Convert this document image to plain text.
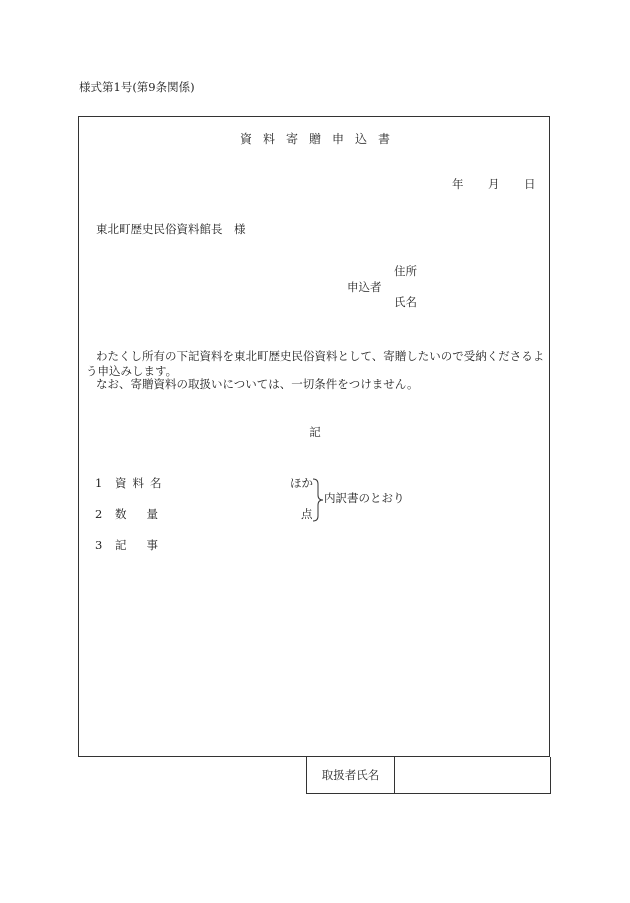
様式第1号(第9条関係)
資料寄贈申込書
年 月 日
東北町歴史民俗資料館長　様
住所
申込者
氏名
わたくし所有の下記資料を東北町歴史民俗資料として、寄贈したいので受納くださるよう申込みします。
なお、寄贈資料の取扱いについては、一切条件をつけません。
記
1 資料名
2 数量
3 記事
ほか
点
内訳書のとおり
取扱者氏名
